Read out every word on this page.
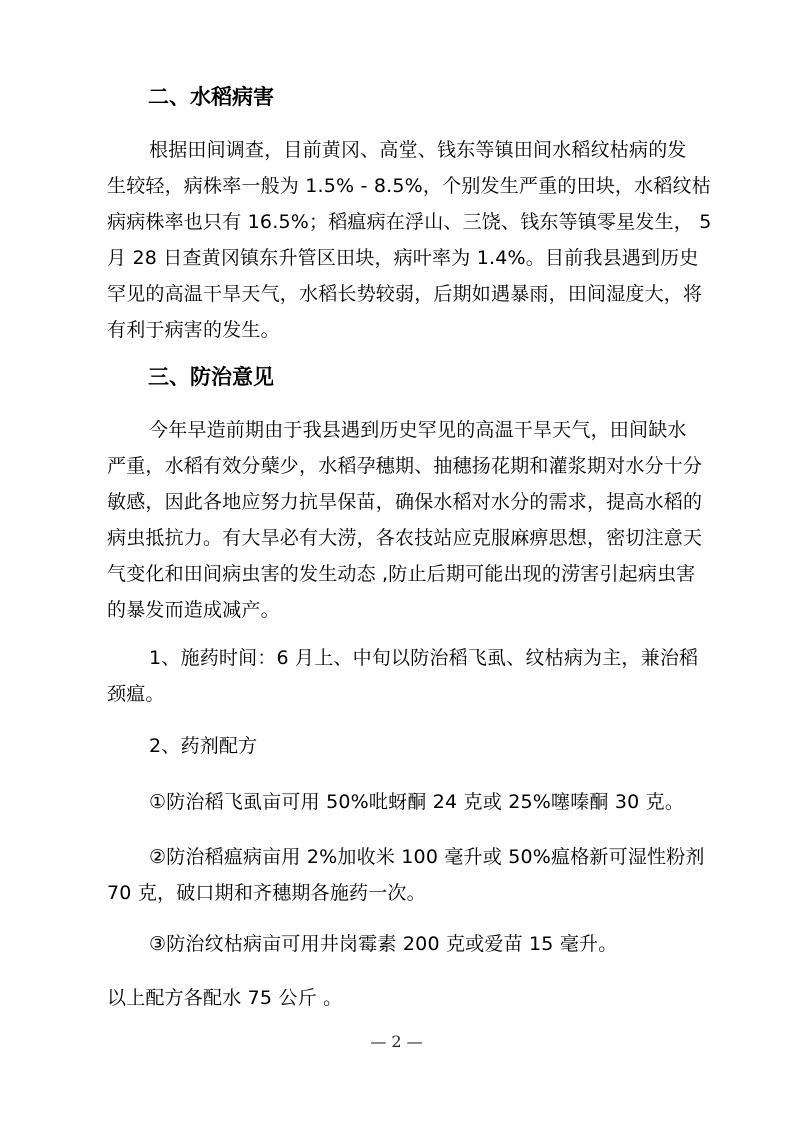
二、水稻病害
根据田间调查，目前黄冈、高堂、钱东等镇田间水稻纹枯病的发
生较轻，病株率一般为 1.5% - 8.5%，个别发生严重的田块，水稻纹枯
病病株率也只有 16.5%；稻瘟病在浮山、三饶、钱东等镇零星发生， 5
月 28 日查黄冈镇东升管区田块，病叶率为 1.4%。目前我县遇到历史
罕见的高温干旱天气，水稻长势较弱，后期如遇暴雨，田间湿度大，将
有利于病害的发生。
三、防治意见
今年早造前期由于我县遇到历史罕见的高温干旱天气，田间缺水
严重，水稻有效分蘖少，水稻孕穗期、抽穗扬花期和灌浆期对水分十分
敏感，因此各地应努力抗旱保苗，确保水稻对水分的需求，提高水稻的
病虫抵抗力。有大旱必有大涝，各农技站应克服麻痹思想，密切注意天
气变化和田间病虫害的发生动态 ,防止后期可能出现的涝害引起病虫害
的暴发而造成减产。
1、施药时间：6 月上、中旬以防治稻飞虱、纹枯病为主，兼治稻
颈瘟。
2、药剂配方
①防治稻飞虱亩可用 50%吡蚜酮 24 克或 25%噻嗪酮 30 克。
②防治稻瘟病亩用 2%加收米 100 毫升或 50%瘟格新可湿性粉剂
70 克，破口期和齐穗期各施药一次。
③防治纹枯病亩可用井岗霉素 200 克或爱苗 15 毫升。
以上配方各配水 75 公斤 。
— 2 —
